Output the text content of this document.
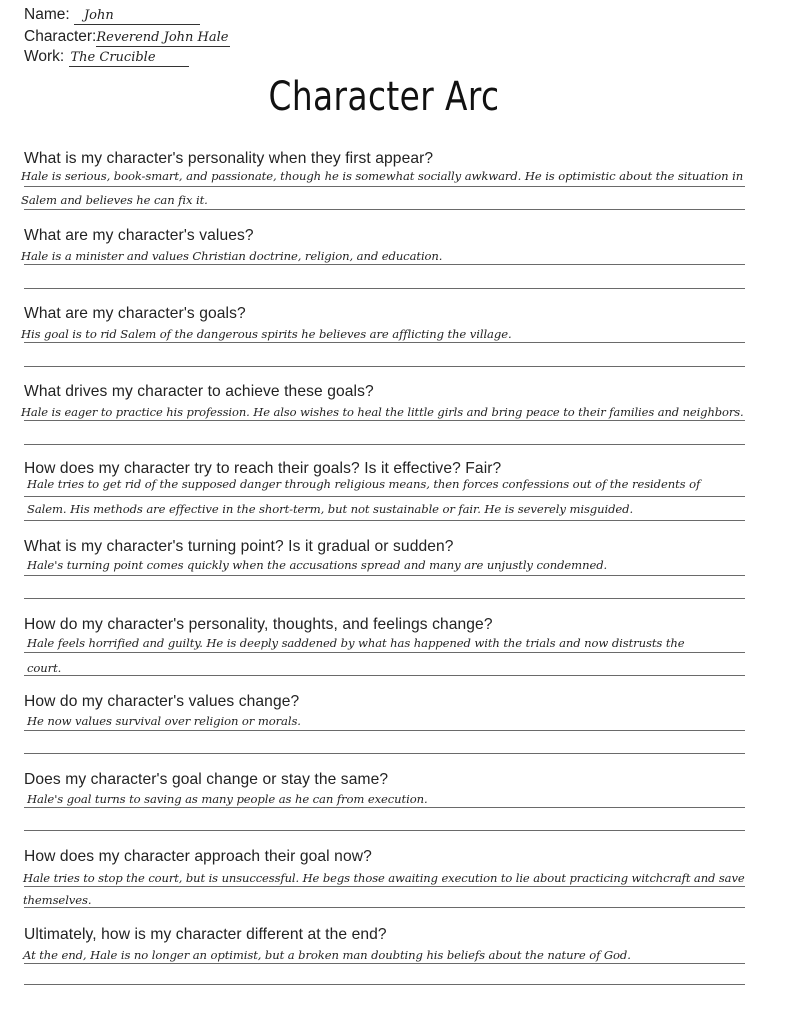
Name: John
Character:Reverend John Hale
Work: The Crucible
Character Arc
What is my character's personality when they first appear?
Hale is serious, book-smart, and passionate, though he is somewhat socially awkward. He is optimistic about the situation in
Salem and believes he can fix it.
What are my character's values?
Hale is a minister and values Christian doctrine, religion, and education.
What are my character's goals?
His goal is to rid Salem of the dangerous spirits he believes are afflicting the village.
What drives my character to achieve these goals?
Hale is eager to practice his profession. He also wishes to heal the little girls and bring peace to their families and neighbors.
How does my character try to reach their goals? Is it effective? Fair?
Hale tries to get rid of the supposed danger through religious means, then forces confessions out of the residents of
Salem. His methods are effective in the short-term, but not sustainable or fair. He is severely misguided.
What is my character's turning point? Is it gradual or sudden?
Hale's turning point comes quickly when the accusations spread and many are unjustly condemned.
How do my character's personality, thoughts, and feelings change?
Hale feels horrified and guilty. He is deeply saddened by what has happened with the trials and now distrusts the
court.
How do my character's values change?
He now values survival over religion or morals.
Does my character's goal change or stay the same?
Hale's goal turns to saving as many people as he can from execution.
How does my character approach their goal now?
Hale tries to stop the court, but is unsuccessful. He begs those awaiting execution to lie about practicing witchcraft and save
themselves.
Ultimately, how is my character different at the end?
At the end, Hale is no longer an optimist, but a broken man doubting his beliefs about the nature of God.
